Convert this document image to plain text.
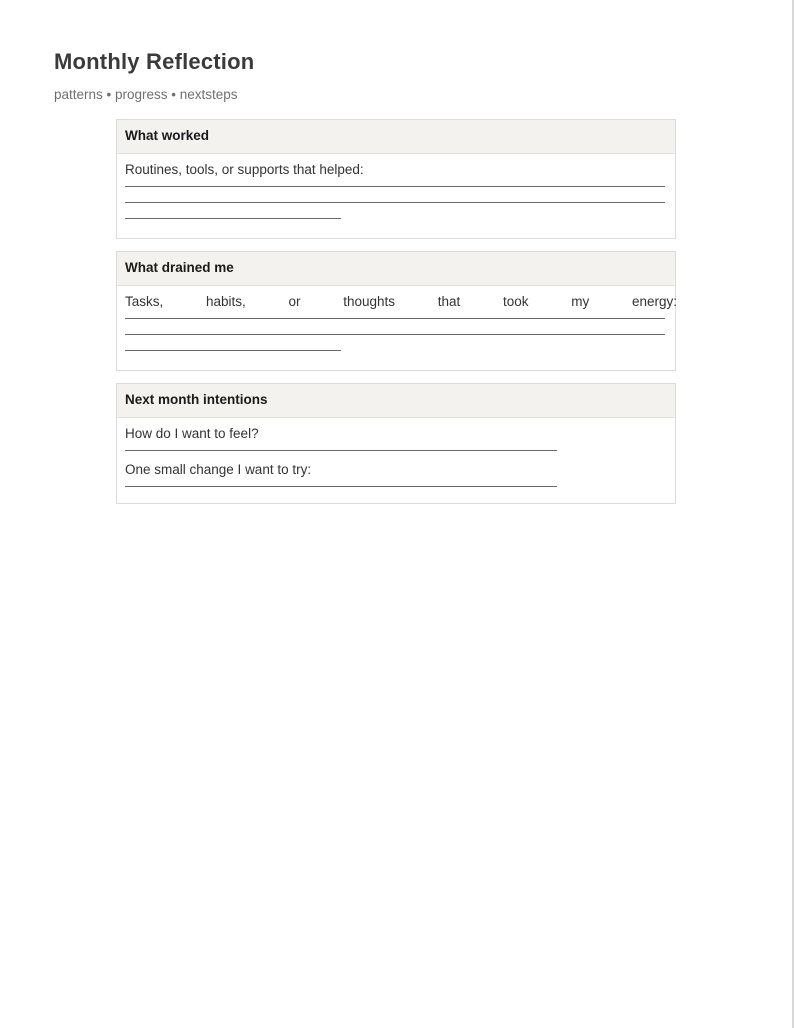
Monthly Reflection

patterns • progress • nextsteps

What worked
Routines, tools, or supports that helped:
What drained me
Tasks,	habits,	or	thoughts	that	took	my	energy:
Next month intentions
How do I want to feel?
One small change I want to try:
